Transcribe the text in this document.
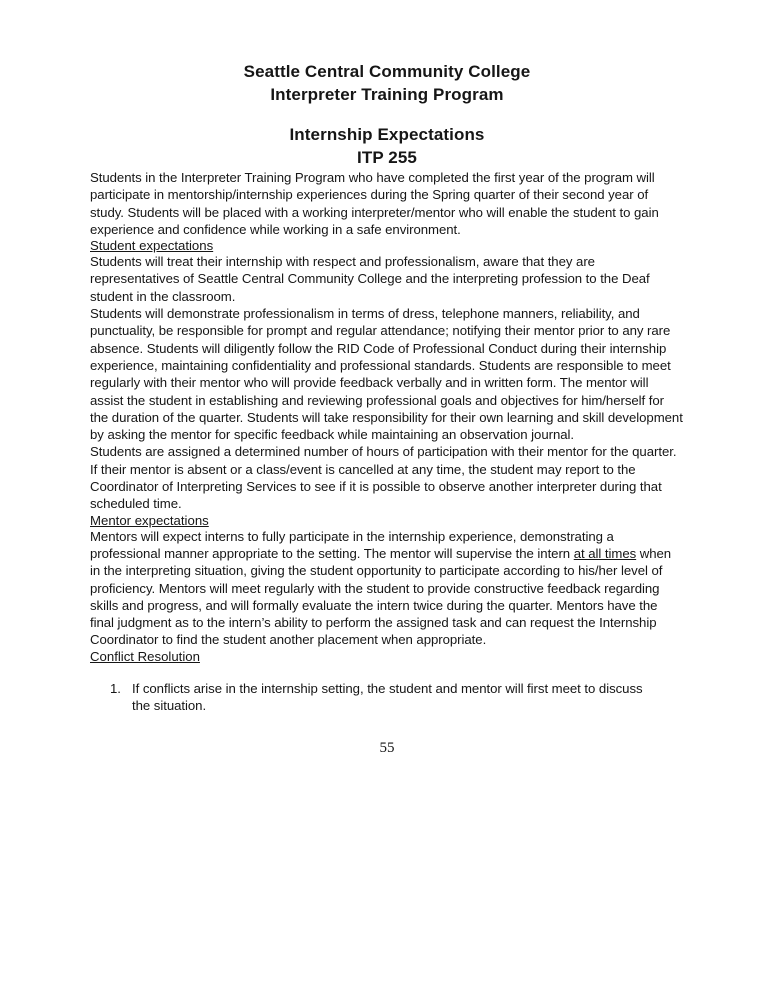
Seattle Central Community College
Interpreter Training Program
Internship Expectations
ITP 255

Students in the Interpreter Training Program who have completed the first year of the program will participate in mentorship/internship experiences during the Spring quarter of their second year of study. Students will be placed with a working interpreter/mentor who will enable the student to gain experience and confidence while working in a safe environment.

Student expectations

Students will treat their internship with respect and professionalism, aware that they are representatives of Seattle Central Community College and the interpreting profession to the Deaf student in the classroom.

Students will demonstrate professionalism in terms of dress, telephone manners, reliability, and punctuality, be responsible for prompt and regular attendance; notifying their mentor prior to any rare absence. Students will diligently follow the RID Code of Professional Conduct during their internship experience, maintaining confidentiality and professional standards. Students are responsible to meet regularly with their mentor who will provide feedback verbally and in written form. The mentor will assist the student in establishing and reviewing professional goals and objectives for him/herself for the duration of the quarter. Students will take responsibility for their own learning and skill development by asking the mentor for specific feedback while maintaining an observation journal.

Students are assigned a determined number of hours of participation with their mentor for the quarter. If their mentor is absent or a class/event is cancelled at any time, the student may report to the Coordinator of Interpreting Services to see if it is possible to observe another interpreter during that scheduled time.

Mentor expectations

Mentors will expect interns to fully participate in the internship experience, demonstrating a professional manner appropriate to the setting. The mentor will supervise the intern at all times when in the interpreting situation, giving the student opportunity to participate according to his/her level of proficiency. Mentors will meet regularly with the student to provide constructive feedback regarding skills and progress, and will formally evaluate the intern twice during the quarter. Mentors have the final judgment as to the intern’s ability to perform the assigned task and can request the Internship Coordinator to find the student another placement when appropriate.

Conflict Resolution
1. If conflicts arise in the internship setting, the student and mentor will first meet to discuss the situation.
55
